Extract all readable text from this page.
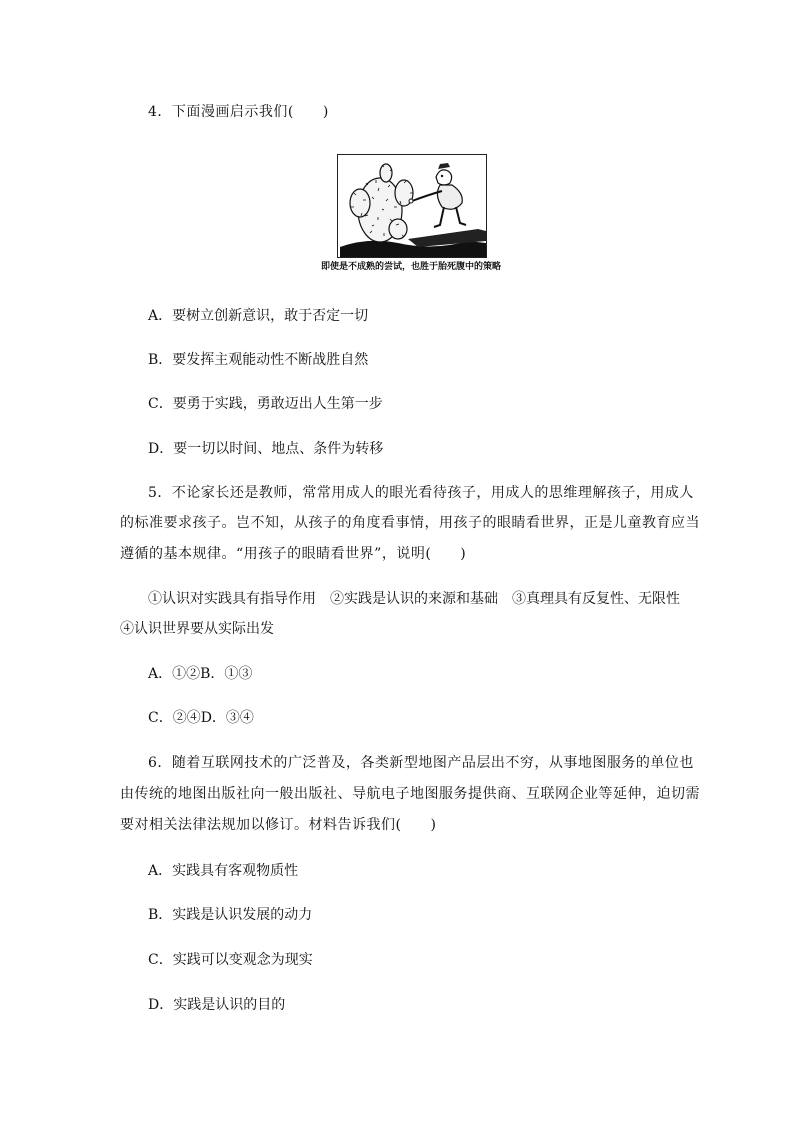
4．下面漫画启示我们(　　)
即使是不成熟的尝试，也胜于胎死腹中的策略
A．要树立创新意识，敢于否定一切
B．要发挥主观能动性不断战胜自然
C．要勇于实践，勇敢迈出人生第一步
D．要一切以时间、地点、条件为转移
5．不论家长还是教师，常常用成人的眼光看待孩子，用成人的思维理解孩子，用成人
的标准要求孩子。岂不知，从孩子的角度看事情，用孩子的眼睛看世界，正是儿童教育应当
遵循的基本规律。“用孩子的眼睛看世界”，说明(　　)
①认识对实践具有指导作用　②实践是认识的来源和基础　③真理具有反复性、无限性
④认识世界要从实际出发
A．①②B．①③
C．②④D．③④
6．随着互联网技术的广泛普及，各类新型地图产品层出不穷，从事地图服务的单位也
由传统的地图出版社向一般出版社、导航电子地图服务提供商、互联网企业等延伸，迫切需
要对相关法律法规加以修订。材料告诉我们(　　)
A．实践具有客观物质性
B．实践是认识发展的动力
C．实践可以变观念为现实
D．实践是认识的目的
